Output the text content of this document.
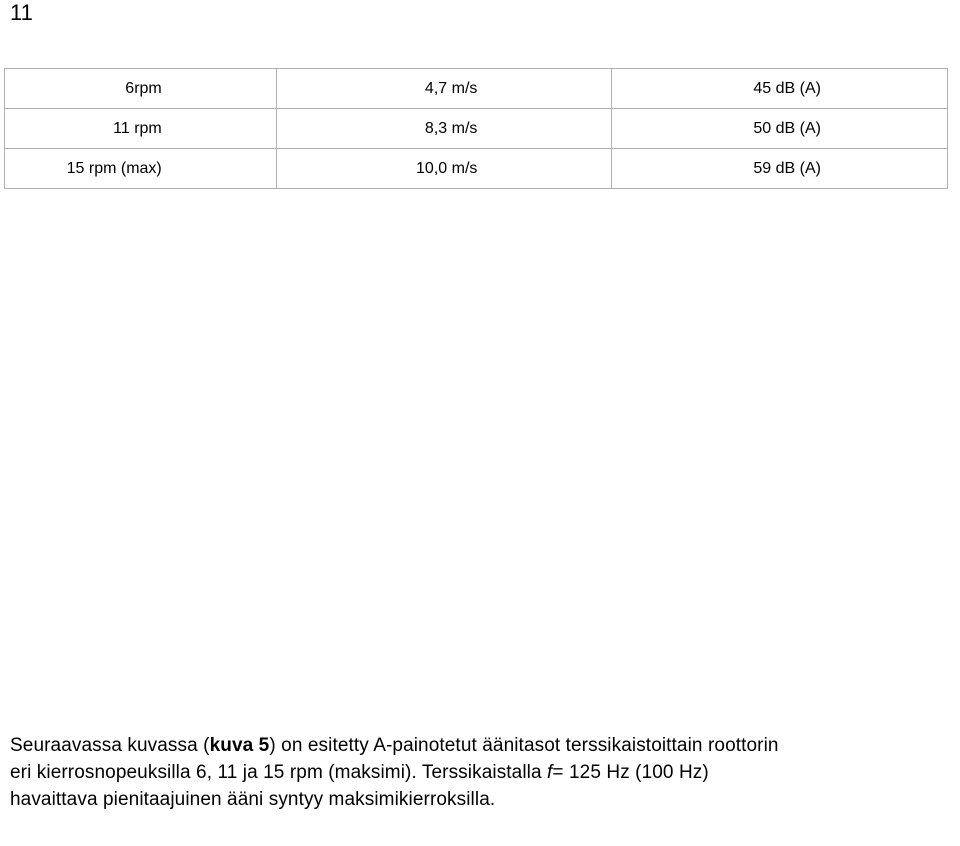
11
6rpm	4,7 m/s	45 dB (A)
11 rpm	8,3 m/s	50 dB (A)
15 rpm (max)	10,0 m/s	59 dB (A)
Seuraavassa kuvassa (kuva 5) on esitetty A-painotetut äänitasot terssikaistoittain roottorin
eri kierrosnopeuksilla 6, 11 ja 15 rpm (maksimi). Terssikaistalla f= 125 Hz (100 Hz)
havaittava pienitaajuinen ääni syntyy maksimikierroksilla.
